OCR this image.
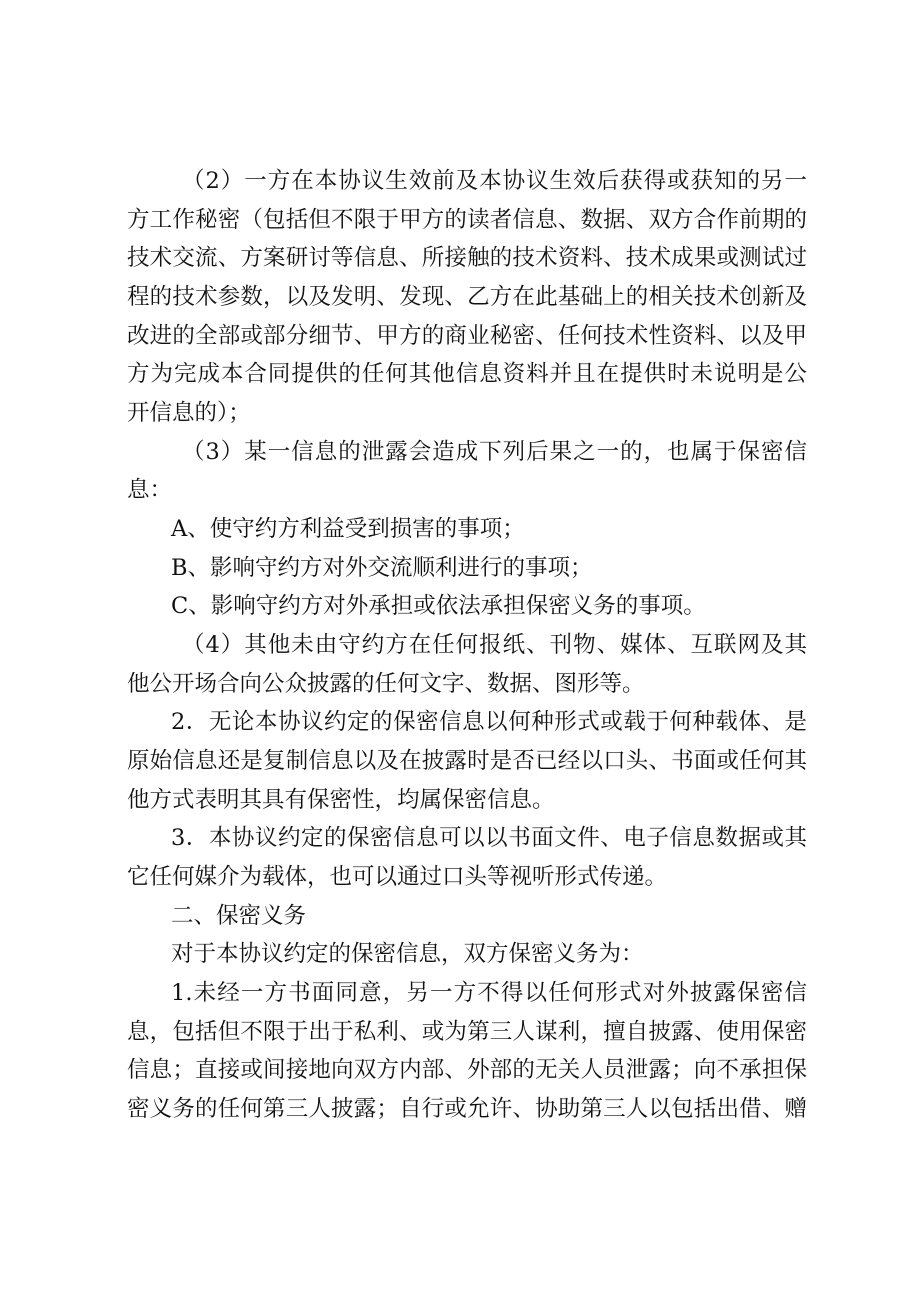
（2）一方在本协议生效前及本协议生效后获得或获知的另一
方工作秘密（包括但不限于甲方的读者信息、数据、双方合作前期的
技术交流、方案研讨等信息、所接触的技术资料、技术成果或测试过
程的技术参数，以及发明、发现、乙方在此基础上的相关技术创新及
改进的全部或部分细节、甲方的商业秘密、任何技术性资料、以及甲
方为完成本合同提供的任何其他信息资料并且在提供时未说明是公
开信息的）；
（3）某一信息的泄露会造成下列后果之一的，也属于保密信
息：
A、使守约方利益受到损害的事项；
B、影响守约方对外交流顺利进行的事项；
C、影响守约方对外承担或依法承担保密义务的事项。
（4）其他未由守约方在任何报纸、刊物、媒体、互联网及其
他公开场合向公众披露的任何文字、数据、图形等。
2．无论本协议约定的保密信息以何种形式或载于何种载体、是
原始信息还是复制信息以及在披露时是否已经以口头、书面或任何其
他方式表明其具有保密性，均属保密信息。
3．本协议约定的保密信息可以以书面文件、电子信息数据或其
它任何媒介为载体，也可以通过口头等视听形式传递。
二、保密义务
对于本协议约定的保密信息，双方保密义务为：
1.未经一方书面同意，另一方不得以任何形式对外披露保密信
息，包括但不限于出于私利、或为第三人谋利，擅自披露、使用保密
信息；直接或间接地向双方内部、外部的无关人员泄露；向不承担保
密义务的任何第三人披露；自行或允许、协助第三人以包括出借、赠
